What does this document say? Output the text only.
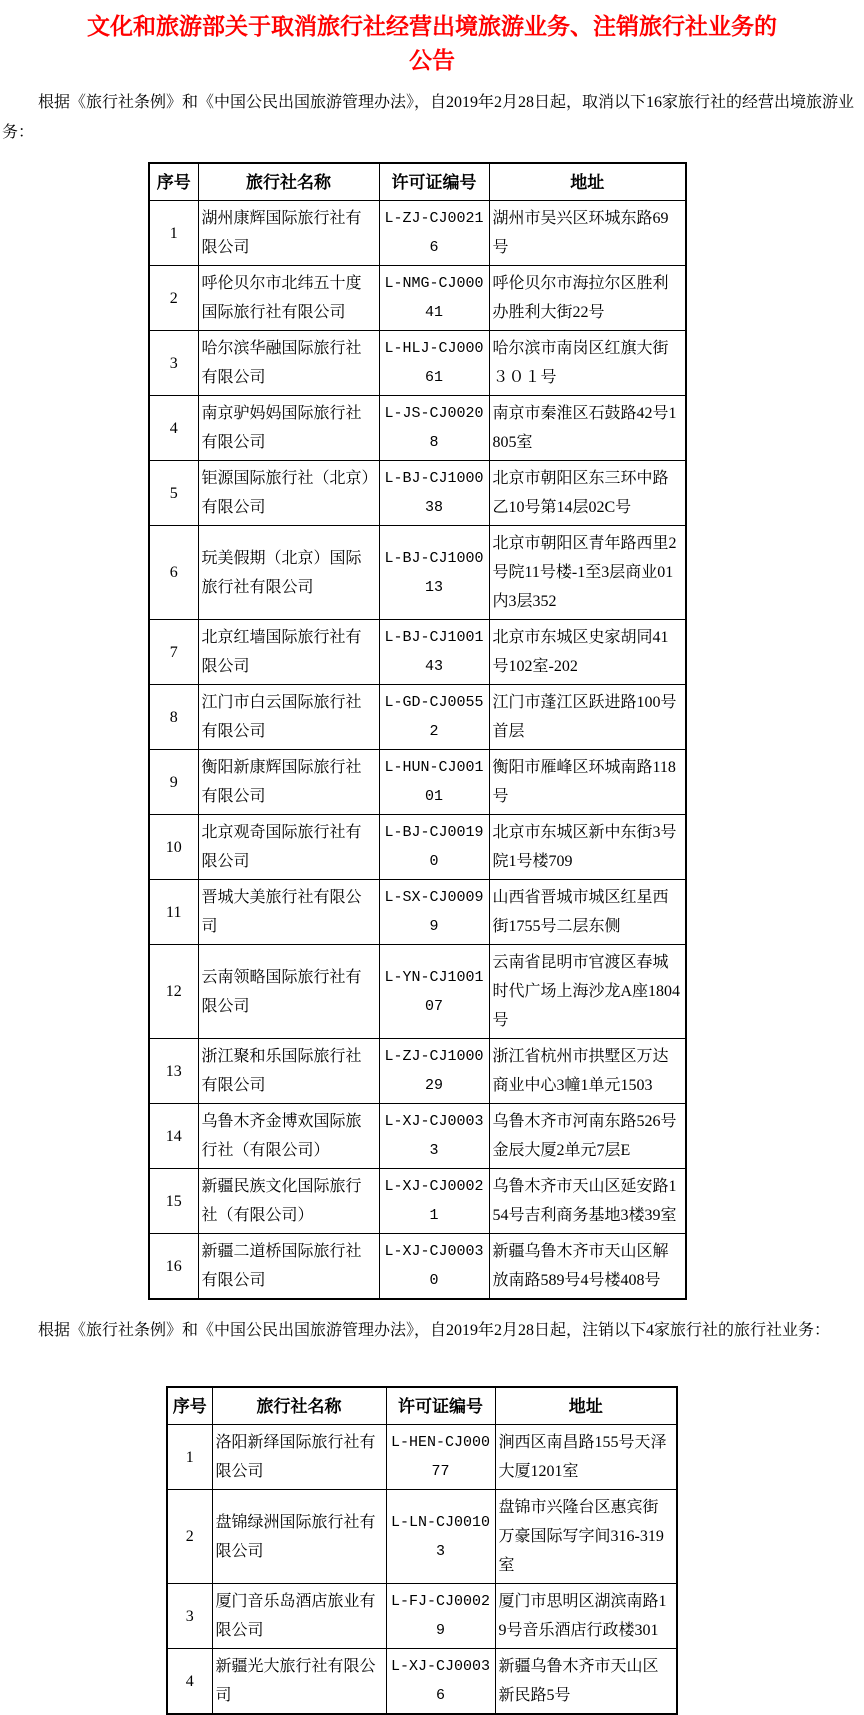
文化和旅游部关于取消旅行社经营出境旅游业务、注销旅行社业务的公告

根据《旅行社条例》和《中国公民出国旅游管理办法》，自2019年2月28日起，取消以下16家旅行社的经营出境旅游业务：

序号	旅行社名称	许可证编号	地址
1	湖州康辉国际旅行社有限公司	L-ZJ-CJ00216	湖州市吴兴区环城东路69号
2	呼伦贝尔市北纬五十度国际旅行社有限公司	L-NMG-CJ00041	呼伦贝尔市海拉尔区胜利办胜利大街22号
3	哈尔滨华融国际旅行社有限公司	L-HLJ-CJ00061	哈尔滨市南岗区红旗大街３０１号
4	南京驴妈妈国际旅行社有限公司	L-JS-CJ00208	南京市秦淮区石鼓路42号1805室
5	钜源国际旅行社（北京）有限公司	L-BJ-CJ100038	北京市朝阳区东三环中路乙10号第14层02C号
6	玩美假期（北京）国际旅行社有限公司	L-BJ-CJ100013	北京市朝阳区青年路西里2号院11号楼-1至3层商业01内3层352
7	北京红墙国际旅行社有限公司	L-BJ-CJ100143	北京市东城区史家胡同41号102室-202
8	江门市白云国际旅行社有限公司	L-GD-CJ00552	江门市蓬江区跃进路100号首层
9	衡阳新康辉国际旅行社有限公司	L-HUN-CJ00101	衡阳市雁峰区环城南路118号
10	北京观奇国际旅行社有限公司	L-BJ-CJ00190	北京市东城区新中东街3号院1号楼709
11	晋城大美旅行社有限公司	L-SX-CJ00099	山西省晋城市城区红星西街1755号二层东侧
12	云南领略国际旅行社有限公司	L-YN-CJ100107	云南省昆明市官渡区春城时代广场上海沙龙A座1804号
13	浙江聚和乐国际旅行社有限公司	L-ZJ-CJ100029	浙江省杭州市拱墅区万达商业中心3幢1单元1503
14	乌鲁木齐金博欢国际旅行社（有限公司）	L-XJ-CJ00033	乌鲁木齐市河南东路526号金辰大厦2单元7层E
15	新疆民族文化国际旅行社（有限公司）	L-XJ-CJ00021	乌鲁木齐市天山区延安路154号吉利商务基地3楼39室
16	新疆二道桥国际旅行社有限公司	L-XJ-CJ00030	新疆乌鲁木齐市天山区解放南路589号4号楼408号

根据《旅行社条例》和《中国公民出国旅游管理办法》，自2019年2月28日起，注销以下4家旅行社的旅行社业务：

序号	旅行社名称	许可证编号	地址
1	洛阳新绎国际旅行社有限公司	L-HEN-CJ00077	涧西区南昌路155号天泽大厦1201室
2	盘锦绿洲国际旅行社有限公司	L-LN-CJ00103	盘锦市兴隆台区惠宾街万豪国际写字间316-319室
3	厦门音乐岛酒店旅业有限公司	L-FJ-CJ00029	厦门市思明区湖滨南路19号音乐酒店行政楼301
4	新疆光大旅行社有限公司	L-XJ-CJ00036	新疆乌鲁木齐市天山区新民路5号
